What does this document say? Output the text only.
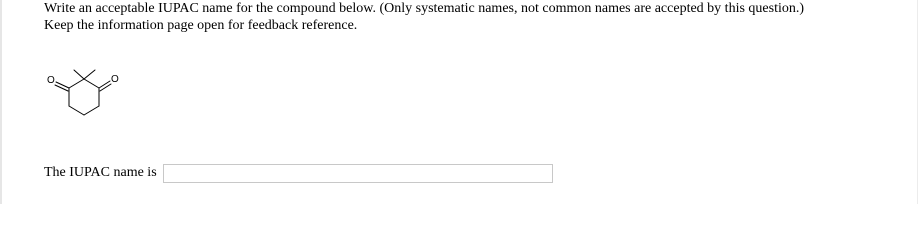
Write an acceptable IUPAC name for the compound below. (Only systematic names, not common names are accepted by this question.)

Keep the information page open for feedback reference.

O	O
The IUPAC name is
